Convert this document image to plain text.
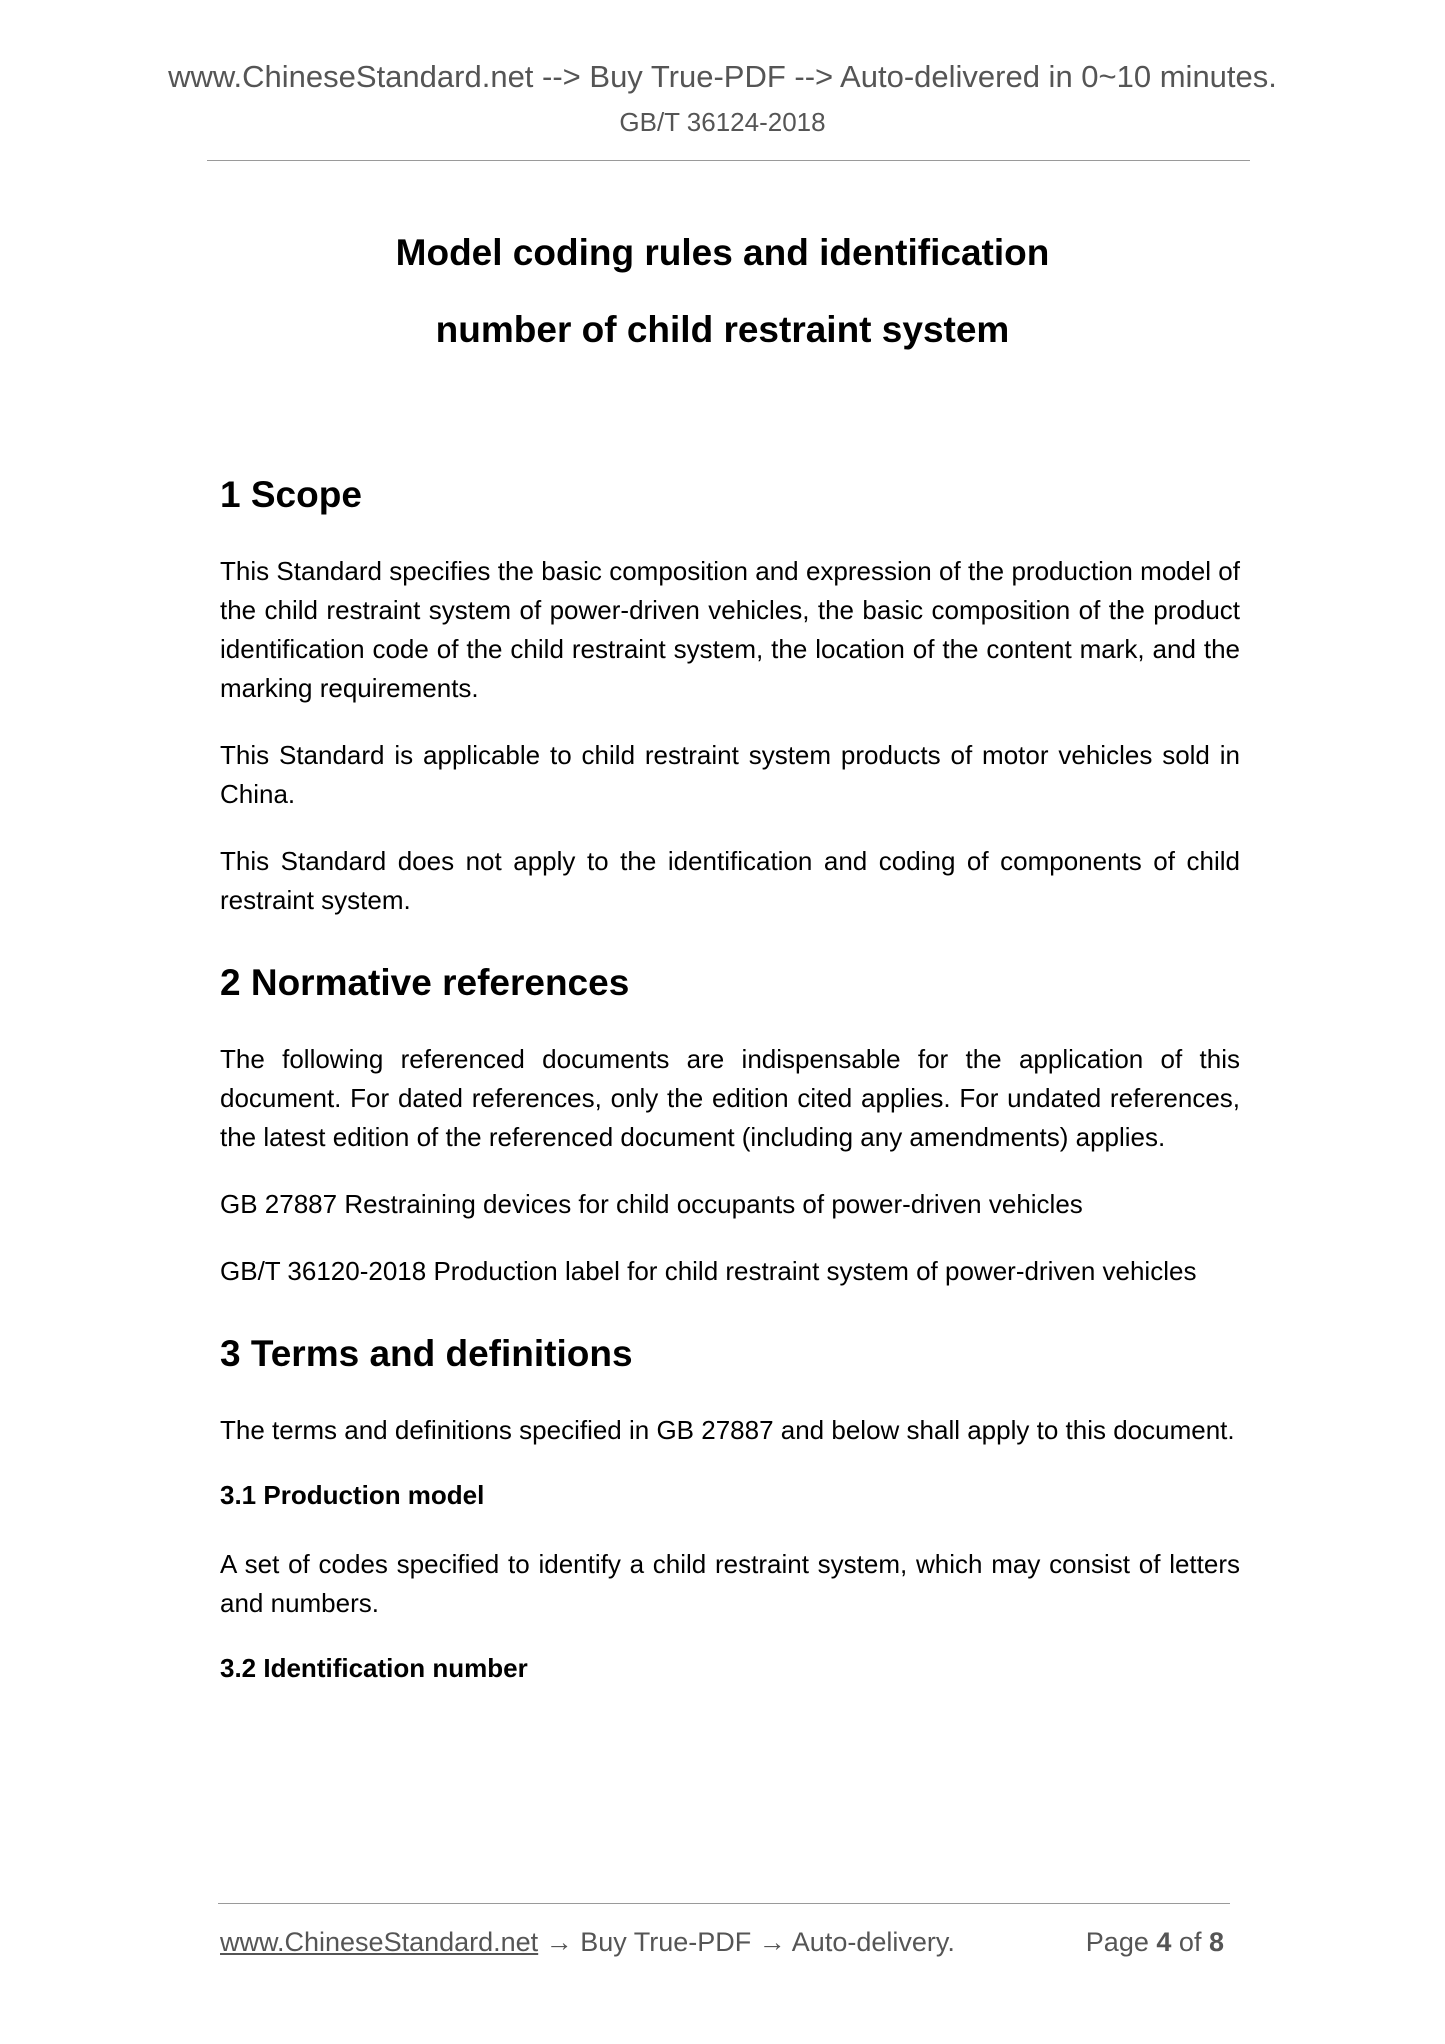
www.ChineseStandard.net --> Buy True-PDF --> Auto-delivered in 0~10 minutes.
GB/T 36124-2018
Model coding rules and identification
number of child restraint system
1 Scope

This Standard specifies the basic composition and expression of the production model of the child restraint system of power-driven vehicles, the basic composition of the product identification code of the child restraint system, the location of the content mark, and the marking requirements.

This Standard is applicable to child restraint system products of motor vehicles sold in China.

This Standard does not apply to the identification and coding of components of child restraint system.

2 Normative references

The following referenced documents are indispensable for the application of this document. For dated references, only the edition cited applies. For undated references, the latest edition of the referenced document (including any amendments) applies.

GB 27887 Restraining devices for child occupants of power-driven vehicles

GB/T 36120-2018 Production label for child restraint system of power-driven vehicles

3 Terms and definitions

The terms and definitions specified in GB 27887 and below shall apply to this document.

3.1 Production model

A set of codes specified to identify a child restraint system, which may consist of letters and numbers.

3.2 Identification number
www.ChineseStandard.net → Buy True-PDF → Auto-delivery.	Page 4 of 8
